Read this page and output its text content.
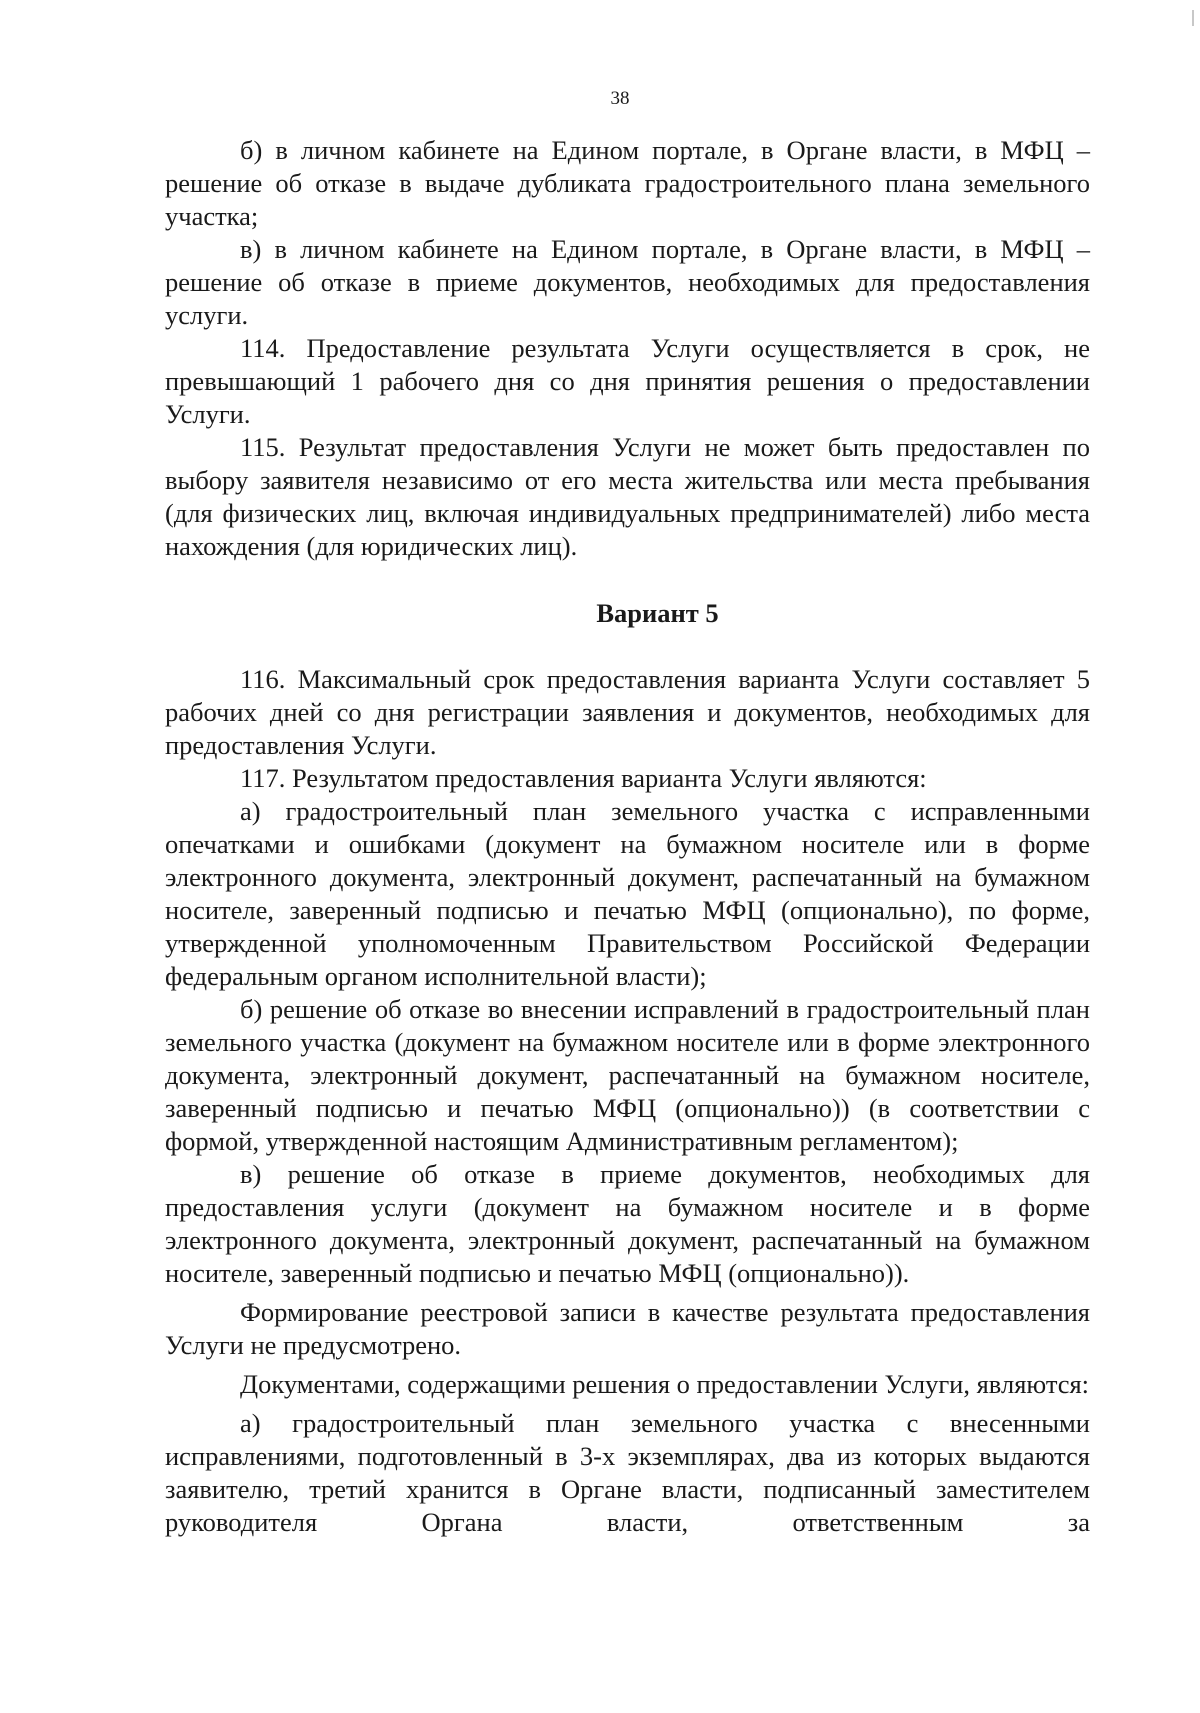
38

б) в личном кабинете на Едином портале, в Органе власти, в МФЦ – решение об отказе в выдаче дубликата градостроительного плана земельного участка;

в) в личном кабинете на Едином портале, в Органе власти, в МФЦ – решение об отказе в приеме документов, необходимых для предоставления услуги.

114. Предоставление результата Услуги осуществляется в срок, не превышающий 1 рабочего дня со дня принятия решения о предоставлении Услуги.

115. Результат предоставления Услуги не может быть предоставлен по выбору заявителя независимо от его места жительства или места пребывания (для физических лиц, включая индивидуальных предпринимателей) либо места нахождения (для юридических лиц).

Вариант 5

116. Максимальный срок предоставления варианта Услуги составляет 5 рабочих дней со дня регистрации заявления и документов, необходимых для предоставления Услуги.

117. Результатом предоставления варианта Услуги являются:

а) градостроительный план земельного участка с исправленными опечатками и ошибками (документ на бумажном носителе или в форме электронного документа, электронный документ, распечатанный на бумажном носителе, заверенный подписью и печатью МФЦ (опционально), по форме, утвержденной уполномоченным Правительством Российской Федерации федеральным органом исполнительной власти);

б) решение об отказе во внесении исправлений в градостроительный план земельного участка (документ на бумажном носителе или в форме электронного документа, электронный документ, распечатанный на бумажном носителе, заверенный подписью и печатью МФЦ (опционально)) (в соответствии с формой, утвержденной настоящим Административным регламентом);

в) решение об отказе в приеме документов, необходимых для предоставления услуги (документ на бумажном носителе и в форме электронного документа, электронный документ, распечатанный на бумажном носителе, заверенный подписью и печатью МФЦ (опционально)).

Формирование реестровой записи в качестве результата предоставления Услуги не предусмотрено.

Документами, содержащими решения о предоставлении Услуги, являются:

а) градостроительный план земельного участка с внесенными исправлениями, подготовленный в 3-х экземплярах, два из которых выдаются заявителю, третий хранится в Органе власти, подписанный заместителем руководителя Органа власти, ответственным за
